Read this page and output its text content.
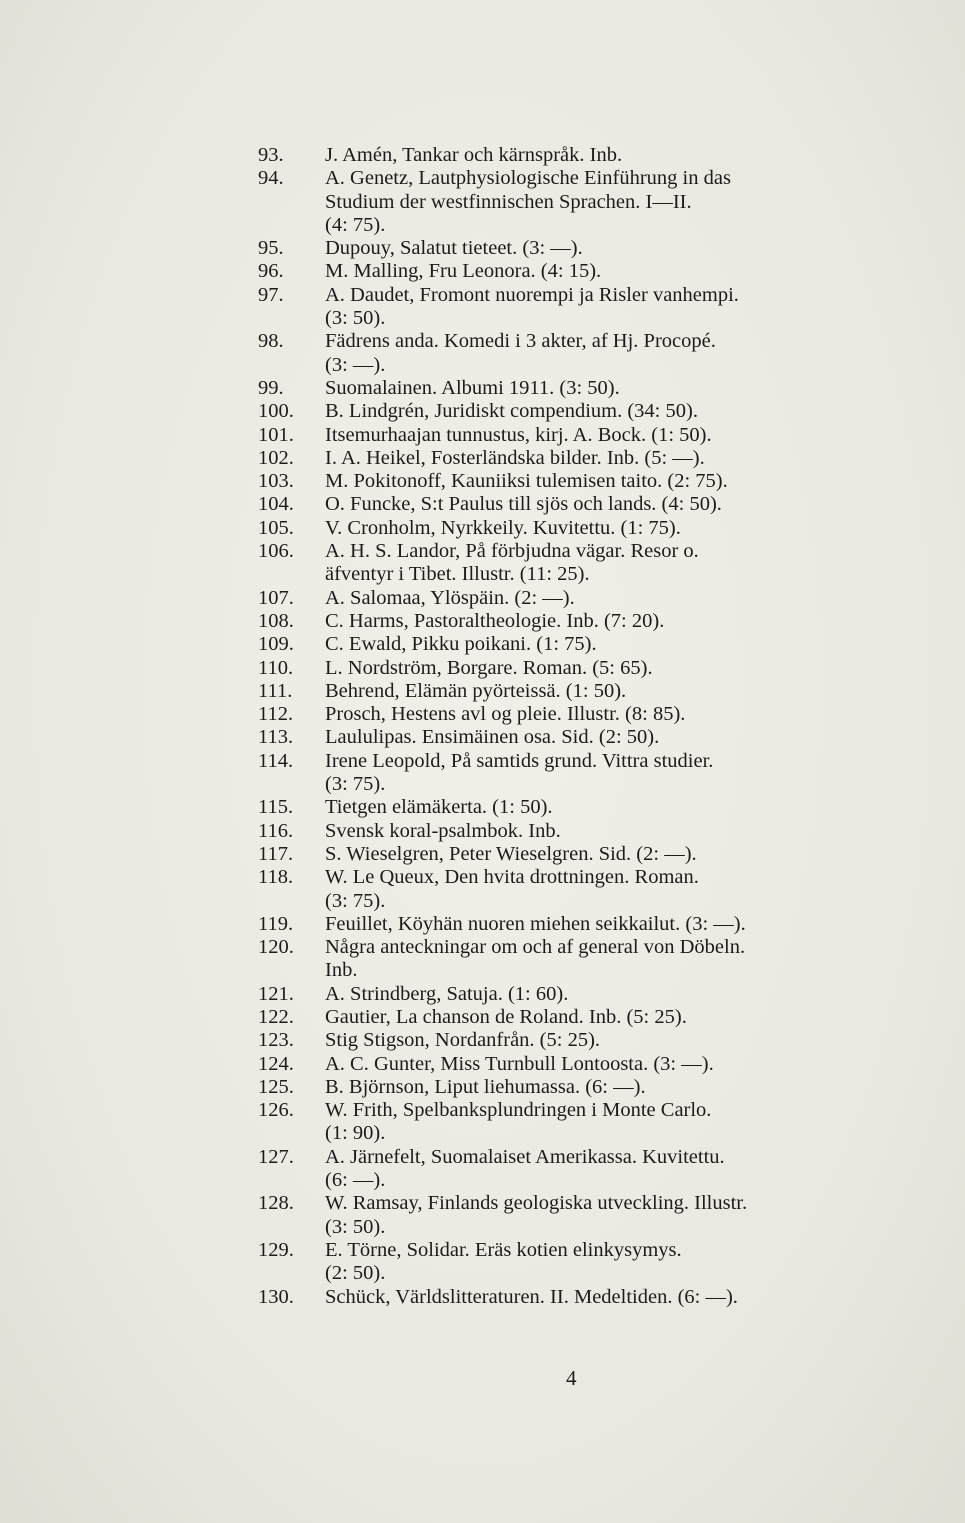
93.	J. Amén, Tankar och kärnspråk. Inb.
94.	A. Genetz, Lautphysiologische Einführung in das
Studium der westfinnischen Sprachen. I—II.
(4: 75).
95.	Dupouy, Salatut tieteet. (3: —).
96.	M. Malling, Fru Leonora. (4: 15).
97.	A. Daudet, Fromont nuorempi ja Risler vanhempi.
(3: 50).
98.	Fädrens anda. Komedi i 3 akter, af Hj. Procopé.
(3: —).
99.	Suomalainen. Albumi 1911. (3: 50).
100.	B. Lindgrén, Juridiskt compendium. (34: 50).
101.	Itsemurhaajan tunnustus, kirj. A. Bock. (1: 50).
102.	I. A. Heikel, Fosterländska bilder. Inb. (5: —).
103.	M. Pokitonoff, Kauniiksi tulemisen taito. (2: 75).
104.	O. Funcke, S:t Paulus till sjös och lands. (4: 50).
105.	V. Cronholm, Nyrkkeily. Kuvitettu. (1: 75).
106.	A. H. S. Landor, På förbjudna vägar. Resor o.
äfventyr i Tibet. Illustr. (11: 25).
107.	A. Salomaa, Ylöspäin. (2: —).
108.	C. Harms, Pastoraltheologie. Inb. (7: 20).
109.	C. Ewald, Pikku poikani. (1: 75).
110.	L. Nordström, Borgare. Roman. (5: 65).
111.	Behrend, Elämän pyörteissä. (1: 50).
112.	Prosch, Hestens avl og pleie. Illustr. (8: 85).
113.	Laululipas. Ensimäinen osa. Sid. (2: 50).
114.	Irene Leopold, På samtids grund. Vittra studier.
(3: 75).
115.	Tietgen elämäkerta. (1: 50).
116.	Svensk koral-psalmbok. Inb.
117.	S. Wieselgren, Peter Wieselgren. Sid. (2: —).
118.	W. Le Queux, Den hvita drottningen. Roman.
(3: 75).
119.	Feuillet, Köyhän nuoren miehen seikkailut. (3: —).
120.	Några anteckningar om och af general von Döbeln.
Inb.
121.	A. Strindberg, Satuja. (1: 60).
122.	Gautier, La chanson de Roland. Inb. (5: 25).
123.	Stig Stigson, Nordanfrån. (5: 25).
124.	A. C. Gunter, Miss Turnbull Lontoosta. (3: —).
125.	B. Björnson, Liput liehumassa. (6: —).
126.	W. Frith, Spelbanksplundringen i Monte Carlo.
(1: 90).
127.	A. Järnefelt, Suomalaiset Amerikassa. Kuvitettu.
(6: —).
128.	W. Ramsay, Finlands geologiska utveckling. Illustr.
(3: 50).
129.	E. Törne, Solidar. Eräs kotien elinkysymys.
(2: 50).
130.	Schück, Världslitteraturen. II. Medeltiden. (6: —).
4
